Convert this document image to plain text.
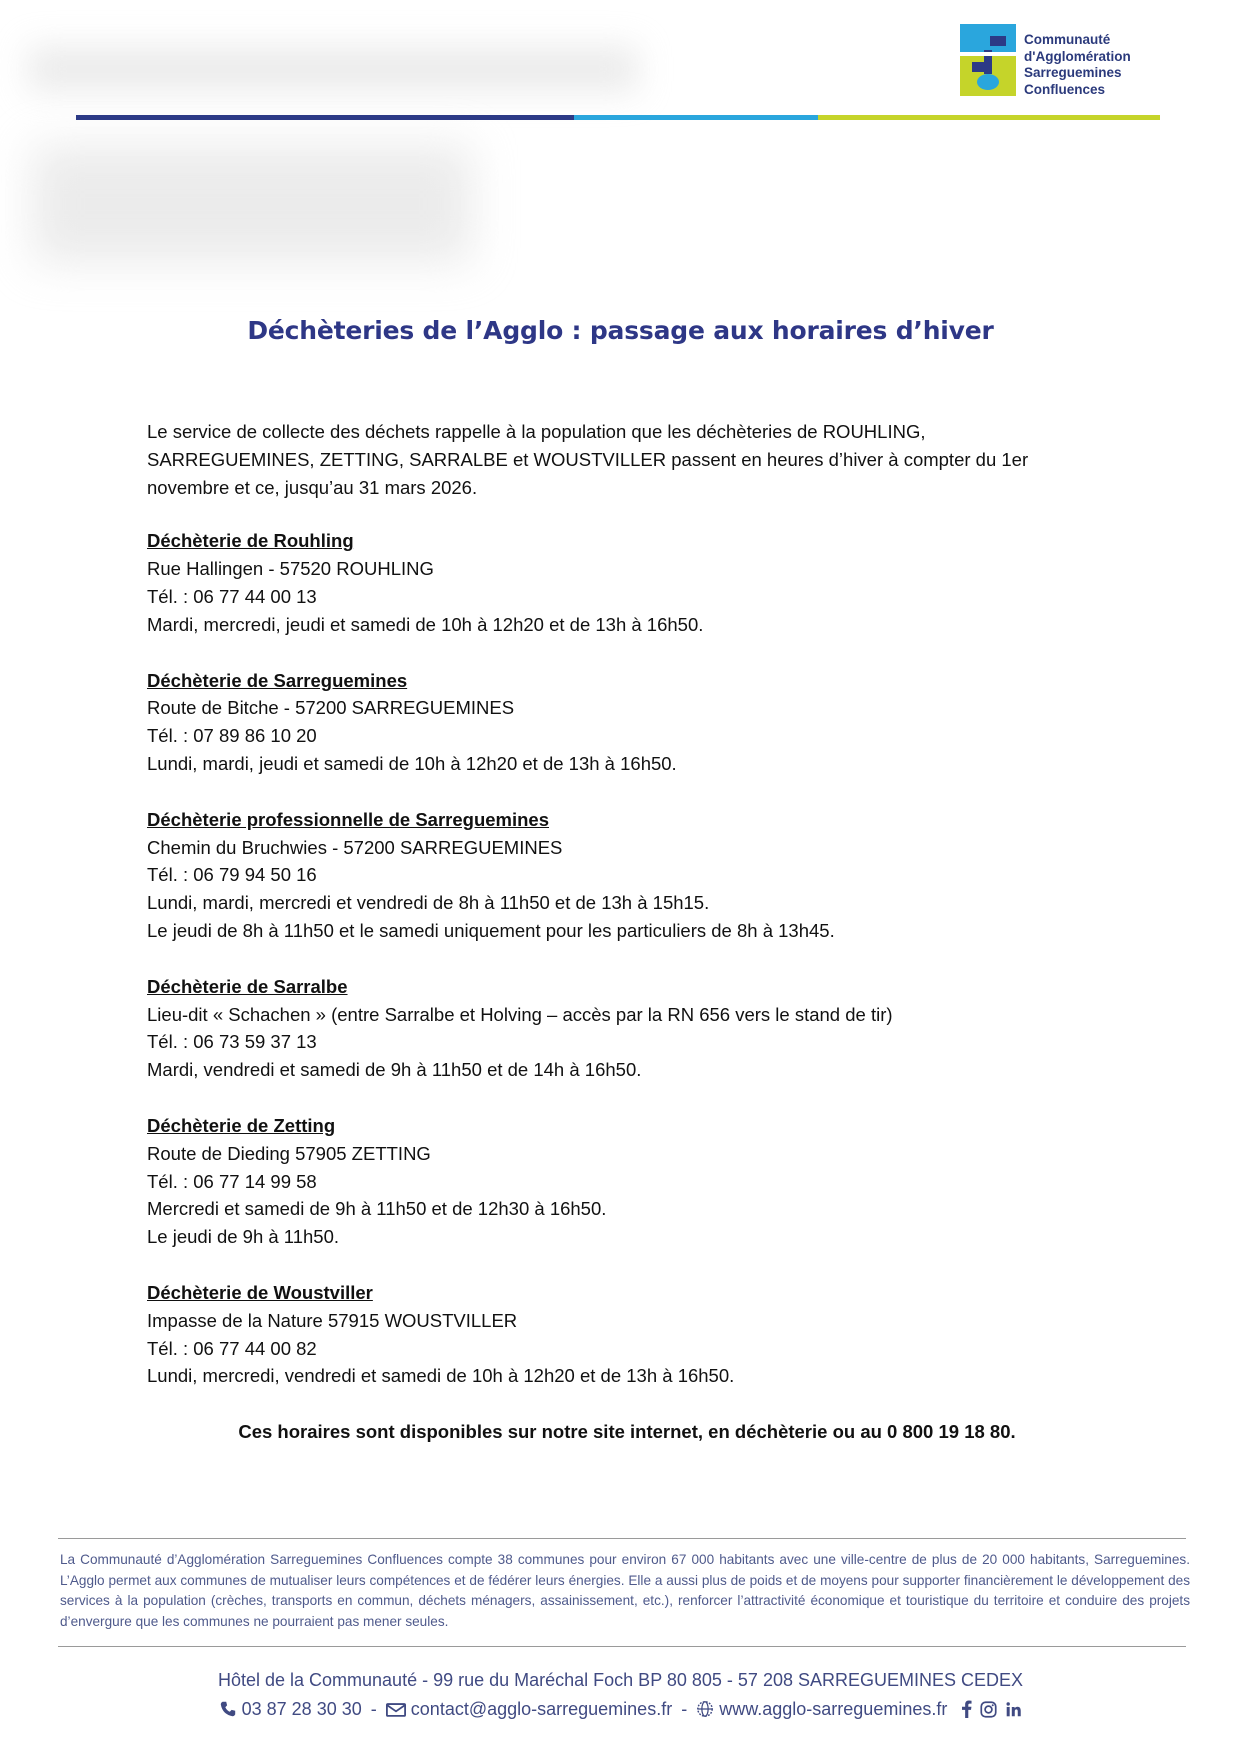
Communauté
d'Agglomération
Sarreguemines
Confluences
Déchèteries de l’Agglo : passage aux horaires d’hiver
Le service de collecte des déchets rappelle à la population que les déchèteries de ROUHLING,
SARREGUEMINES, ZETTING, SARRALBE et WOUSTVILLER passent en heures d’hiver à compter du 1er
novembre et ce, jusqu’au 31 mars 2026.
Déchèterie de Rouhling
Rue Hallingen - 57520 ROUHLING
Tél. : 06 77 44 00 13
Mardi, mercredi, jeudi et samedi de 10h à 12h20 et de 13h à 16h50.
Déchèterie de Sarreguemines
Route de Bitche - 57200 SARREGUEMINES
Tél. : 07 89 86 10 20
Lundi, mardi, jeudi et samedi de 10h à 12h20 et de 13h à 16h50.
Déchèterie professionnelle de Sarreguemines
Chemin du Bruchwies - 57200 SARREGUEMINES
Tél. : 06 79 94 50 16
Lundi, mardi, mercredi et vendredi de 8h à 11h50 et de 13h à 15h15.
Le jeudi de 8h à 11h50 et le samedi uniquement pour les particuliers de 8h à 13h45.
Déchèterie de Sarralbe
Lieu-dit « Schachen » (entre Sarralbe et Holving – accès par la RN 656 vers le stand de tir)
Tél. : 06 73 59 37 13
Mardi, vendredi et samedi de 9h à 11h50 et de 14h à 16h50.
Déchèterie de Zetting
Route de Dieding 57905 ZETTING
Tél. : 06 77 14 99 58
Mercredi et samedi de 9h à 11h50 et de 12h30 à 16h50.
Le jeudi de 9h à 11h50.
Déchèterie de Woustviller
Impasse de la Nature 57915 WOUSTVILLER
Tél. : 06 77 44 00 82
Lundi, mercredi, vendredi et samedi de 10h à 12h20 et de 13h à 16h50.
Ces horaires sont disponibles sur notre site internet, en déchèterie ou au 0 800 19 18 80.
La Communauté d’Agglomération Sarreguemines Confluences compte 38 communes pour environ 67 000 habitants avec une ville-centre de plus de 20 000 habitants, Sarreguemines. L’Agglo permet aux communes de mutualiser leurs compétences et de fédérer leurs énergies. Elle a aussi plus de poids et de moyens pour supporter financièrement le développement des services à la population (crèches, transports en commun, déchets ménagers, assainissement, etc.), renforcer l’attractivité économique et touristique du territoire et conduire des projets d’envergure que les communes ne pourraient pas mener seules.
Hôtel de la Communauté - 99 rue du Maréchal Foch BP 80 805 - 57 208 SARREGUEMINES CEDEX
03 87 28 30 30 - contact@agglo-sarreguemines.fr - www.agglo-sarreguemines.fr
